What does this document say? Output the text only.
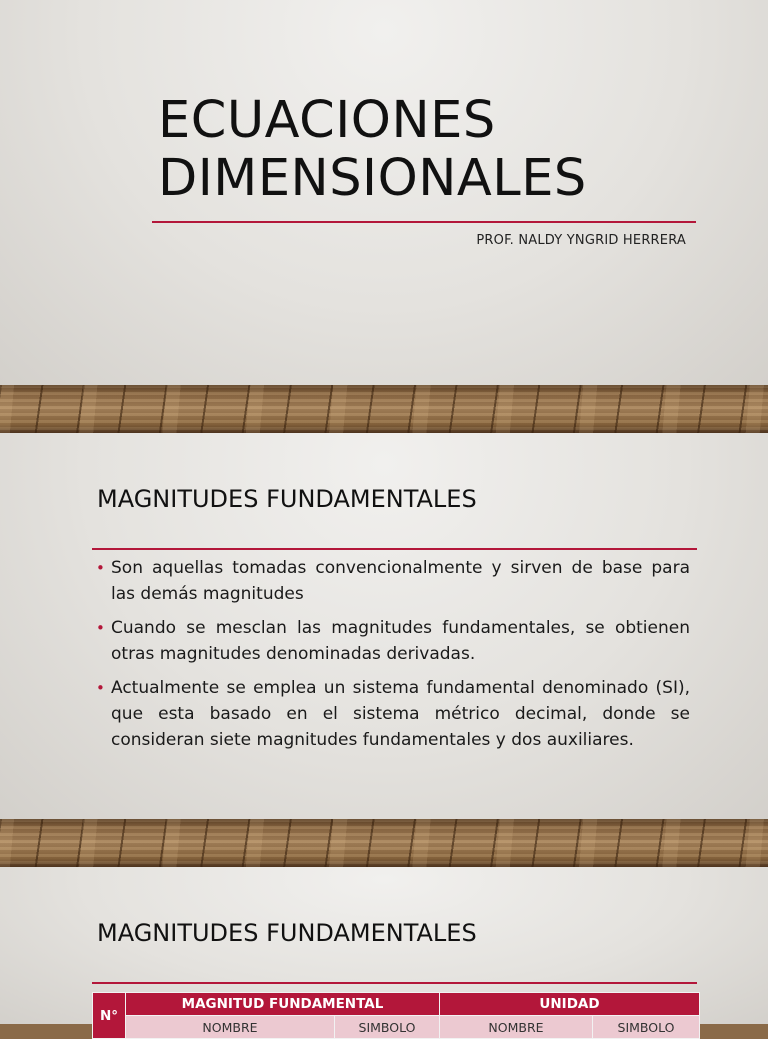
ECUACIONES
DIMENSIONALES

PROF. NALDY YNGRID HERRERA

MAGNITUDES FUNDAMENTALES
• Son aquellas tomadas convencionalmente y sirven de base para las demás magnitudes
• Cuando se mesclan las magnitudes fundamentales, se obtienen otras magnitudes denominadas derivadas.
• Actualmente se emplea un sistema fundamental denominado (SI), que esta basado en el sistema métrico decimal, donde se consideran siete magnitudes fundamentales y dos auxiliares.
MAGNITUDES FUNDAMENTALES
N°	MAGNITUD FUNDAMENTAL		UNIDAD	
	NOMBRE	SIMBOLO	NOMBRE	SIMBOLO
